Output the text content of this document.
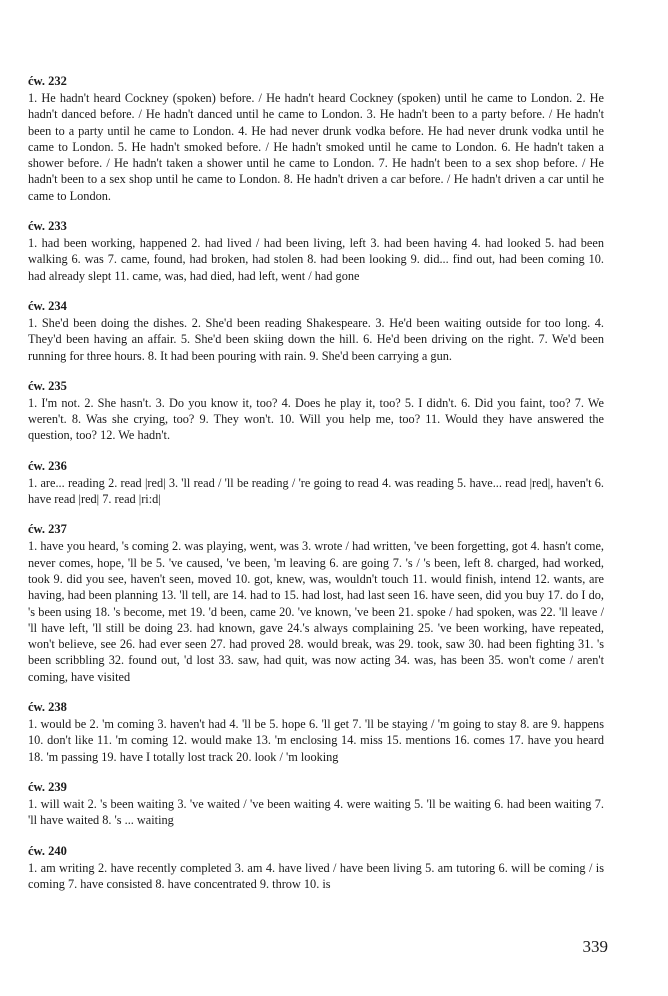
ćw. 232

1. He hadn't heard Cockney (spoken) before. / He hadn't heard Cockney (spoken) until he came to London. 2. He hadn't danced before. / He hadn't danced until he came to London. 3. He hadn't been to a party before. / He hadn't been to a party until he came to London. 4. He had never drunk vodka before. He had never drunk vodka until he came to London. 5. He hadn't smoked before. / He hadn't smoked until he came to London. 6. He hadn't taken a shower before. / He hadn't taken a shower until he came to London. 7. He hadn't been to a sex shop before. / He hadn't been to a sex shop until he came to London. 8. He hadn't driven a car before. / He hadn't driven a car until he came to London.

ćw. 233

1. had been working, happened 2. had lived / had been living, left 3. had been having 4. had looked 5. had been walking 6. was 7. came, found, had broken, had stolen 8. had been looking 9. did... find out, had been coming 10. had already slept 11. came, was, had died, had left, went / had gone

ćw. 234

1. She'd been doing the dishes. 2. She'd been reading Shakespeare. 3. He'd been waiting outside for too long. 4. They'd been having an affair. 5. She'd been skiing down the hill. 6. He'd been driving on the right. 7. We'd been running for three hours. 8. It had been pouring with rain. 9. She'd been carrying a gun.

ćw. 235

1. I'm not. 2. She hasn't. 3. Do you know it, too? 4. Does he play it, too? 5. I didn't. 6. Did you faint, too? 7. We weren't. 8. Was she crying, too? 9. They won't. 10. Will you help me, too? 11. Would they have answered the question, too? 12. We hadn't.

ćw. 236

1. are... reading 2. read |red| 3. 'll read / 'll be reading / 're going to read 4. was reading 5. have... read |red|, haven't 6. have read |red| 7. read |ri:d|

ćw. 237

1. have you heard, 's coming 2. was playing, went, was 3. wrote / had written, 've been forgetting, got 4. hasn't come, never comes, hope, 'll be 5. 've caused, 've been, 'm leaving 6. are going 7. 's / 's been, left 8. charged, had worked, took 9. did you see, haven't seen, moved 10. got, knew, was, wouldn't touch 11. would finish, intend 12. wants, are having, had been planning 13. 'll tell, are 14. had to 15. had lost, had last seen 16. have seen, did you buy 17. do I do, 's been using 18. 's become, met 19. 'd been, came 20. 've known, 've been 21. spoke / had spoken, was 22. 'll leave / 'll have left, 'll still be doing 23. had known, gave 24.'s always complaining 25. 've been working, have repeated, won't believe, see 26. had ever seen 27. had proved 28. would break, was 29. took, saw 30. had been fighting 31. 's been scribbling 32. found out, 'd lost 33. saw, had quit, was now acting 34. was, has been 35. won't come / aren't coming, have visited

ćw. 238

1. would be 2. 'm coming 3. haven't had 4. 'll be 5. hope 6. 'll get 7. 'll be staying / 'm going to stay 8. are 9. happens 10. don't like 11. 'm coming 12. would make 13. 'm enclosing 14. miss 15. mentions 16. comes 17. have you heard 18. 'm passing 19. have I totally lost track 20. look / 'm looking

ćw. 239

1. will wait 2. 's been waiting 3. 've waited / 've been waiting 4. were waiting 5. 'll be waiting 6. had been waiting 7. 'll have waited 8. 's ... waiting

ćw. 240

1. am writing 2. have recently completed 3. am 4. have lived / have been living 5. am tutoring 6. will be coming / is coming 7. have consisted 8. have concentrated 9. throw 10. is

339
